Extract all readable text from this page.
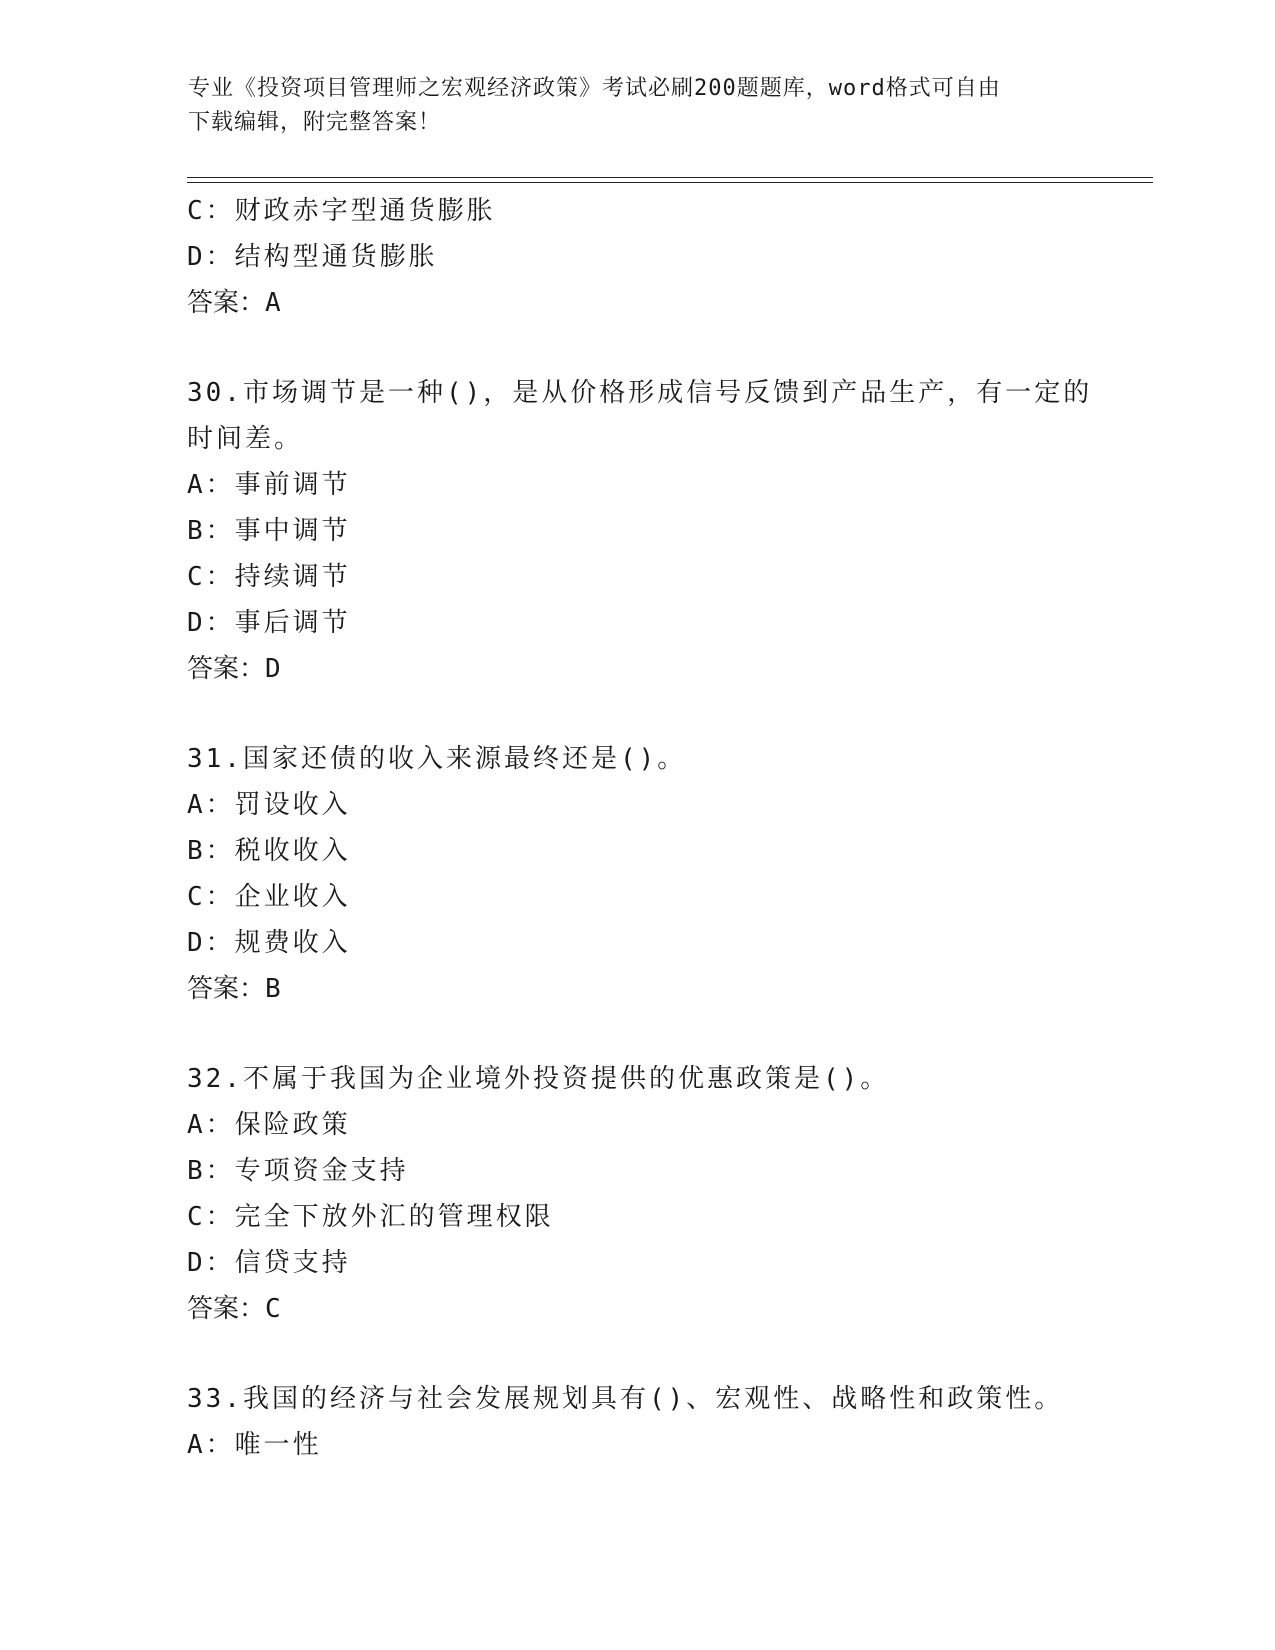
专业《投资项目管理师之宏观经济政策》考试必刷200题题库，word格式可自由
下载编辑，附完整答案！
C：财政赤字型通货膨胀
D：结构型通货膨胀
答案：A
30.市场调节是一种()，是从价格形成信号反馈到产品生产，有一定的
时间差。
A：事前调节
B：事中调节
C：持续调节
D：事后调节
答案：D
31.国家还债的收入来源最终还是()。
A：罚设收入
B：税收收入
C：企业收入
D：规费收入
答案：B
32.不属于我国为企业境外投资提供的优惠政策是()。
A：保险政策
B：专项资金支持
C：完全下放外汇的管理权限
D：信贷支持
答案：C
33.我国的经济与社会发展规划具有()、宏观性、战略性和政策性。
A：唯一性
